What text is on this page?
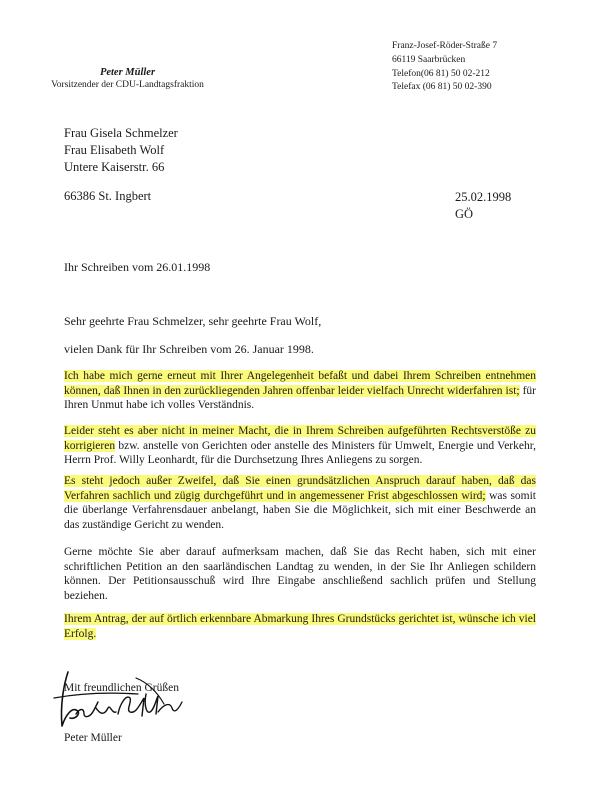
Peter Müller
Vorsitzender der CDU-Landtagsfraktion
Franz-Josef-Röder-Straße 7
66119 Saarbrücken
Telefon(06 81) 50 02-212
Telefax (06 81) 50 02-390
Frau Gisela Schmelzer
Frau Elisabeth Wolf
Untere Kaiserstr. 66
66386 St. Ingbert	25.02.1998
GÖ
Ihr Schreiben vom 26.01.1998
Sehr geehrte Frau Schmelzer, sehr geehrte Frau Wolf,
vielen Dank für Ihr Schreiben vom 26. Januar 1998.
Ich habe mich gerne erneut mit Ihrer Angelegenheit befaßt und dabei Ihrem Schreiben entnehmen können, daß Ihnen in den zurückliegenden Jahren offenbar leider vielfach Unrecht widerfahren ist; für Ihren Unmut habe ich volles Verständnis.
Leider steht es aber nicht in meiner Macht, die in Ihrem Schreiben aufgeführten Rechtsverstöße zu korrigieren bzw. anstelle von Gerichten oder anstelle des Ministers für Umwelt, Energie und Verkehr, Herrn Prof. Willy Leonhardt, für die Durchsetzung Ihres Anliegens zu sorgen.
Es steht jedoch außer Zweifel, daß Sie einen grundsätzlichen Anspruch darauf haben, daß das Verfahren sachlich und zügig durchgeführt und in angemessener Frist abgeschlossen wird; was somit die überlange Verfahrensdauer anbelangt, haben Sie die Möglichkeit, sich mit einer Beschwerde an das zuständige Gericht zu wenden.
Gerne möchte Sie aber darauf aufmerksam machen, daß Sie das Recht haben, sich mit einer schriftlichen Petition an den saarländischen Landtag zu wenden, in der Sie Ihr Anliegen schildern können. Der Petitionsausschuß wird Ihre Eingabe anschließend sachlich prüfen und Stellung beziehen.
Ihrem Antrag, der auf örtlich erkennbare Abmarkung Ihres Grundstücks gerichtet ist, wünsche ich viel Erfolg.
Mit freundlichen Grüßen
Peter Müller
